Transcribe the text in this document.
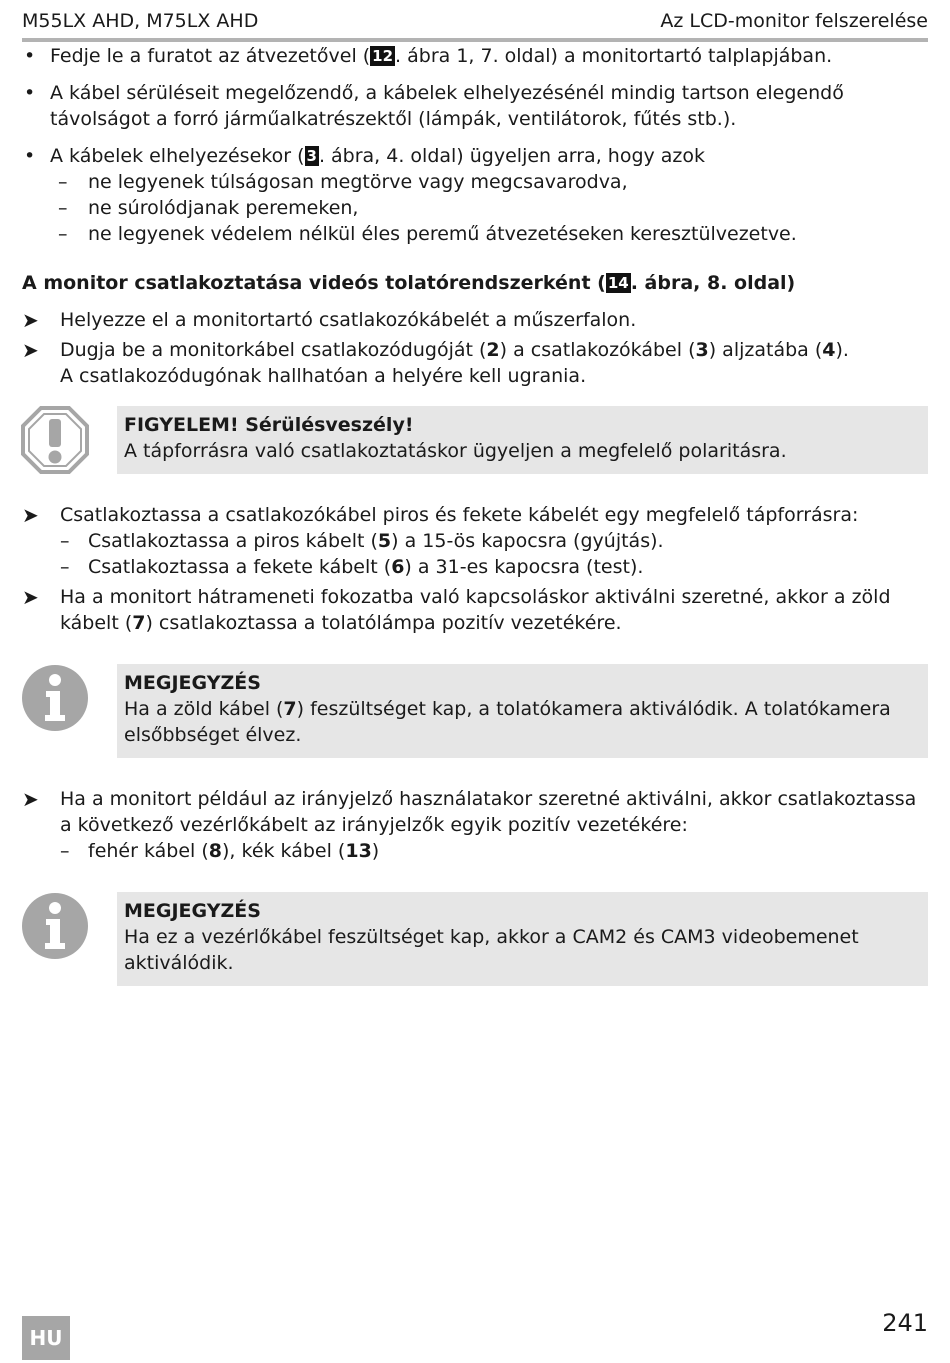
M55LX AHD, M75LX AHD	Az LCD-monitor felszerelése
• Fedje le a furatot az átvezetővel ( 12 . ábra 1, 7. oldal) a monitortartó talplapjában.
• A kábel sérüléseit megelőzendő, a kábelek elhelyezésénél mindig tartson elegendő távolságot a forró járműalkatrészektől (lámpák, ventilátorok, fűtés stb.).
• A kábelek elhelyezésekor ( 3 . ábra, 4. oldal) ügyeljen arra, hogy azok
– ne legyenek túlságosan megtörve vagy megcsavarodva,
– ne súrolódjanak peremeken,
– ne legyenek védelem nélkül éles peremű átvezetéseken keresztülvezetve.
A monitor csatlakoztatása videós tolatórendszerként ( 14 . ábra, 8. oldal)
➤ Helyezze el a monitortartó csatlakozókábelét a műszerfalon.
➤ Dugja be a monitorkábel csatlakozódugóját (2) a csatlakozókábel (3) aljzatába (4).
A csatlakozódugónak hallhatóan a helyére kell ugrania.
FIGYELEM! Sérülésveszély!
A tápforrásra való csatlakoztatáskor ügyeljen a megfelelő polaritásra.
➤ Csatlakoztassa a csatlakozókábel piros és fekete kábelét egy megfelelő tápforrásra:
– Csatlakoztassa a piros kábelt (5) a 15-ös kapocsra (gyújtás).
– Csatlakoztassa a fekete kábelt (6) a 31-es kapocsra (test).
➤ Ha a monitort hátrameneti fokozatba való kapcsoláskor aktiválni szeretné, akkor a zöld kábelt (7) csatlakoztassa a tolatólámpa pozitív vezetékére.
MEGJEGYZÉS
Ha a zöld kábel (7) feszültséget kap, a tolatókamera aktiválódik. A tolatókamera elsőbbséget élvez.
➤ Ha a monitort például az irányjelző használatakor szeretné aktiválni, akkor csatlakoztassa a következő vezérlőkábelt az irányjelzők egyik pozitív vezetékére:
– fehér kábel (8), kék kábel (13)
MEGJEGYZÉS
Ha ez a vezérlőkábel feszültséget kap, akkor a CAM2 és CAM3 videobemenet aktiválódik.
HU
241
